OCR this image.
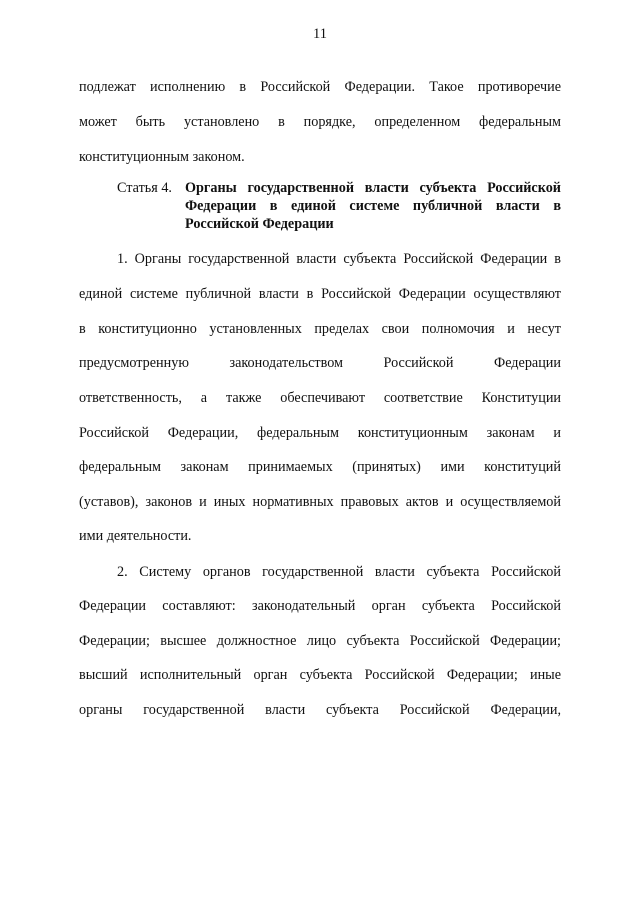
11
подлежат исполнению в Российской Федерации. Такое противоречие
может быть установлено в порядке, определенном федеральным
конституционным законом.
Статья 4. Органы государственной власти субъекта Российской
Федерации в единой системе публичной власти в
Российской Федерации
1. Органы государственной власти субъекта Российской Федерации в
единой системе публичной власти в Российской Федерации осуществляют
в конституционно установленных пределах свои полномочия и несут
предусмотренную законодательством Российской Федерации
ответственность, а также обеспечивают соответствие Конституции
Российской Федерации, федеральным конституционным законам и
федеральным законам принимаемых (принятых) ими конституций
(уставов), законов и иных нормативных правовых актов и осуществляемой
ими деятельности.
2. Систему органов государственной власти субъекта Российской
Федерации составляют: законодательный орган субъекта Российской
Федерации; высшее должностное лицо субъекта Российской Федерации;
высший исполнительный орган субъекта Российской Федерации; иные
органы государственной власти субъекта Российской Федерации,
